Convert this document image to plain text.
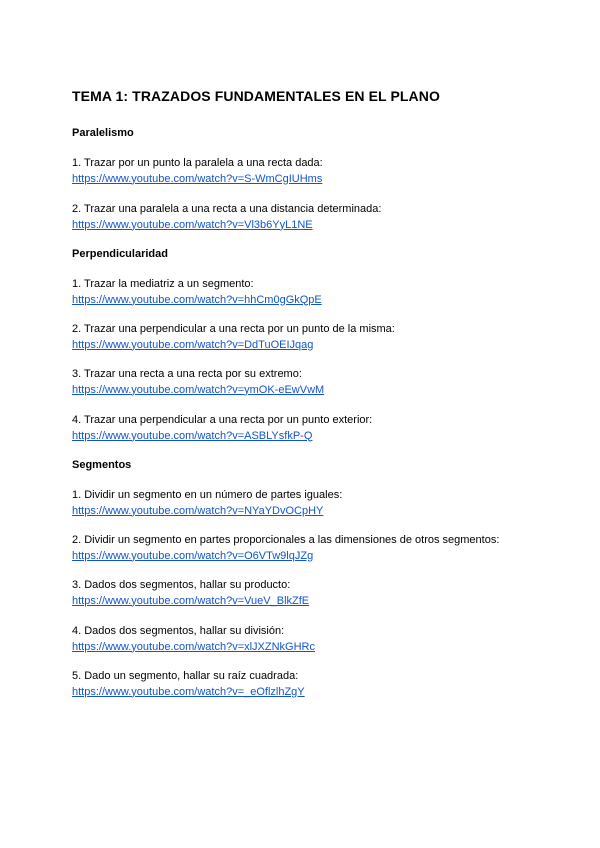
TEMA 1: TRAZADOS FUNDAMENTALES EN EL PLANO
Paralelismo
1. Trazar por un punto la paralela a una recta dada:
https://www.youtube.com/watch?v=S-WmCgIUHms
2. Trazar una paralela a una recta a una distancia determinada:
https://www.youtube.com/watch?v=Vl3b6YyL1NE
Perpendicularidad
1. Trazar la mediatriz a un segmento:
https://www.youtube.com/watch?v=hhCm0gGkQpE
2. Trazar una perpendicular a una recta por un punto de la misma:
https://www.youtube.com/watch?v=DdTuOEIJqag
3. Trazar una recta a una recta por su extremo:
https://www.youtube.com/watch?v=ymOK-eEwVwM
4. Trazar una perpendicular a una recta por un punto exterior:
https://www.youtube.com/watch?v=ASBLYsfkP-Q
Segmentos
1. Dividir un segmento en un número de partes iguales:
https://www.youtube.com/watch?v=NYaYDvOCpHY
2. Dividir un segmento en partes proporcionales a las dimensiones de otros segmentos:
https://www.youtube.com/watch?v=O6VTw9lqJZg
3. Dados dos segmentos, hallar su producto:
https://www.youtube.com/watch?v=VueV_BlkZfE
4. Dados dos segmentos, hallar su división:
https://www.youtube.com/watch?v=xlJXZNkGHRc
5. Dado un segmento, hallar su raíz cuadrada:
https://www.youtube.com/watch?v=_eOflzlhZgY
